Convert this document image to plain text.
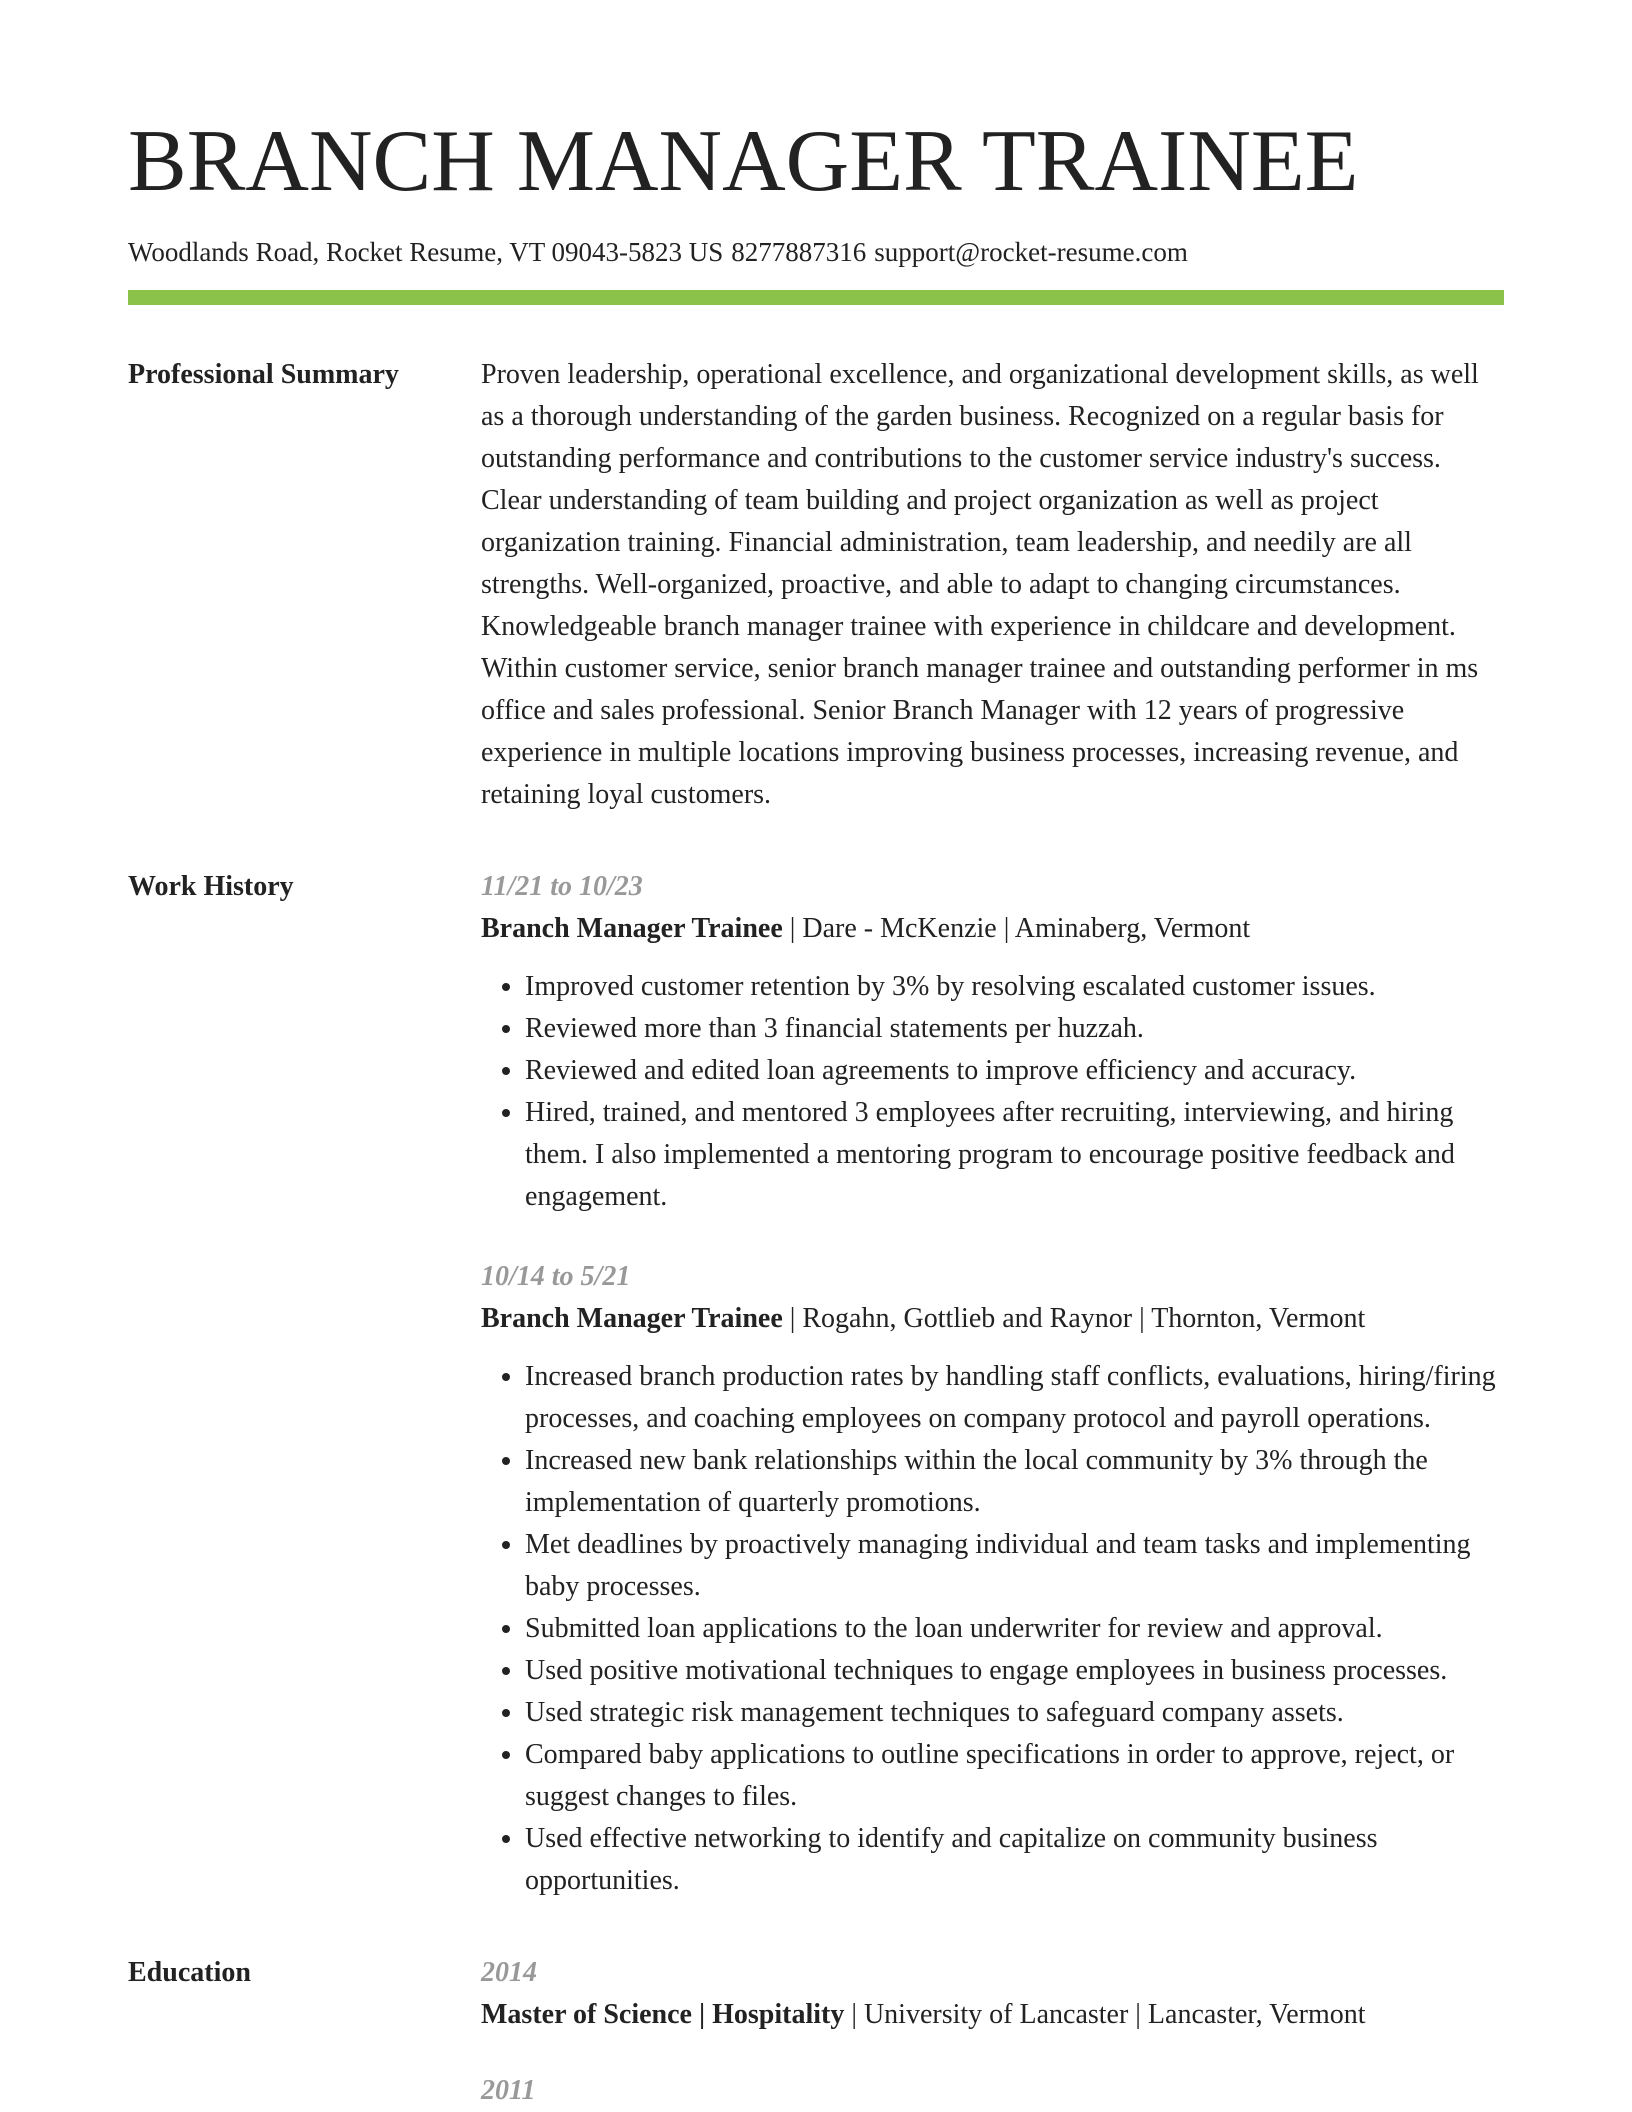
BRANCH MANAGER TRAINEE
Woodlands Road, Rocket Resume, VT 09043-5823 US 8277887316 support@rocket-resume.com
Professional Summary	Proven leadership, operational excellence, and organizational development skills, as well as a thorough understanding of the garden business. Recognized on a regular basis for outstanding performance and contributions to the customer service industry's success. Clear understanding of team building and project organization as well as project organization training. Financial administration, team leadership, and needily are all strengths. Well-organized, proactive, and able to adapt to changing circumstances. Knowledgeable branch manager trainee with experience in childcare and development. Within customer service, senior branch manager trainee and outstanding performer in ms office and sales professional. Senior Branch Manager with 12 years of progressive experience in multiple locations improving business processes, increasing revenue, and retaining loyal customers.

Work History	11/21 to 10/23
Branch Manager Trainee | Dare - McKenzie | Aminaberg, Vermont
• Improved customer retention by 3% by resolving escalated customer issues.
• Reviewed more than 3 financial statements per huzzah.
• Reviewed and edited loan agreements to improve efficiency and accuracy.
• Hired, trained, and mentored 3 employees after recruiting, interviewing, and hiring them. I also implemented a mentoring program to encourage positive feedback and engagement.
10/14 to 5/21
Branch Manager Trainee | Rogahn, Gottlieb and Raynor | Thornton, Vermont
• Increased branch production rates by handling staff conflicts, evaluations, hiring/firing processes, and coaching employees on company protocol and payroll operations.
• Increased new bank relationships within the local community by 3% through the implementation of quarterly promotions.
• Met deadlines by proactively managing individual and team tasks and implementing baby processes.
• Submitted loan applications to the loan underwriter for review and approval.
• Used positive motivational techniques to engage employees in business processes.
• Used strategic risk management techniques to safeguard company assets.
• Compared baby applications to outline specifications in order to approve, reject, or suggest changes to files.
• Used effective networking to identify and capitalize on community business opportunities.
Education	2014
Master of Science | Hospitality | University of Lancaster | Lancaster, Vermont
2011
